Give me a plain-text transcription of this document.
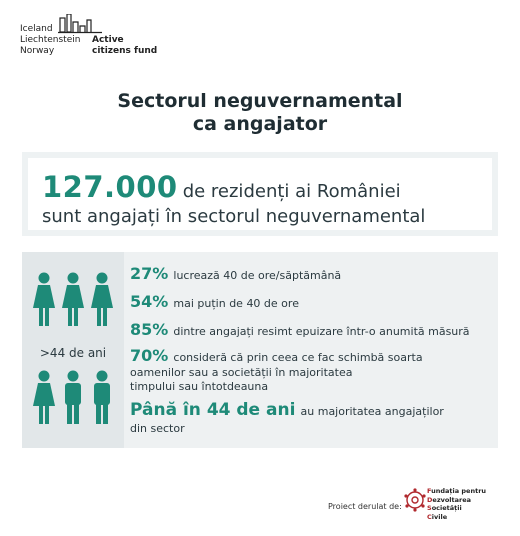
Iceland
Liechtenstein
Norway
Active
citizens fund
Sectorul neguvernamental
ca angajator
127.000 de rezidenți ai României
sunt angajați în sectorul neguvernamental
>44 de ani
27% lucrează 40 de ore/săptămână
54% mai puțin de 40 de ore
85% dintre angajați resimt epuizare într-o anumită măsură
70% consideră că prin ceea ce fac schimbă soarta
oamenilor sau a societății în majoritatea
timpului sau întotdeauna
Până în 44 de ani au majoritatea angajaților
din sector
Proiect derulat de:
Fundația pentru
Dezvoltarea
Societății
Civile
